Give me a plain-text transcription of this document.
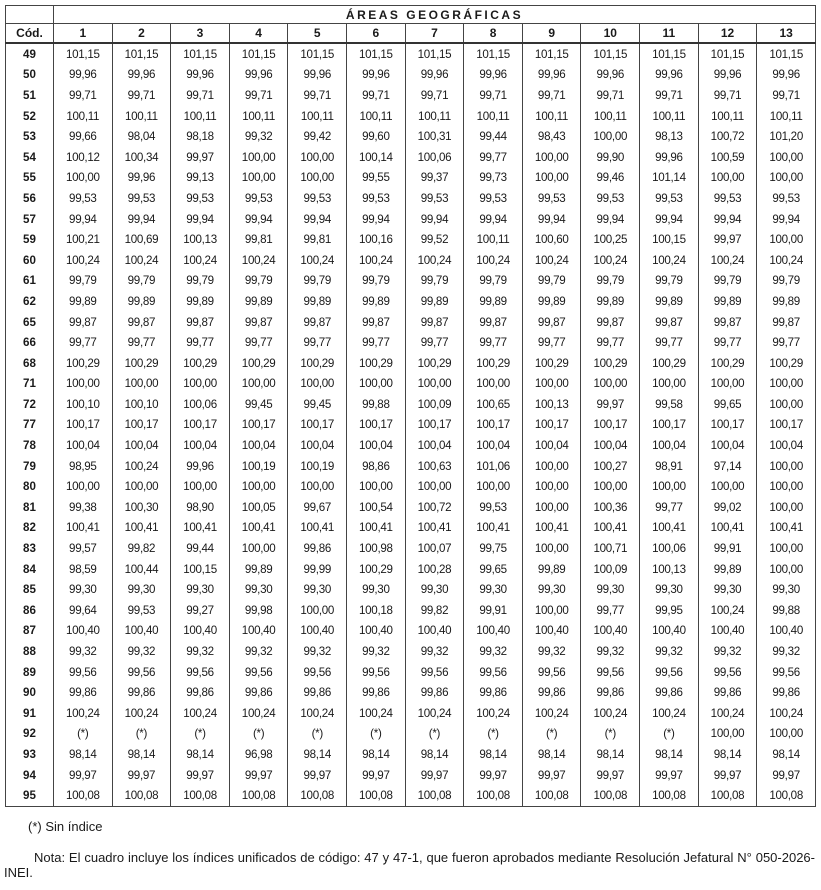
	ÁREAS GEOGRÁFICAS												
Cód.	1	2	3	4	5	6	7	8	9	10	11	12	13
49	101,15	101,15	101,15	101,15	101,15	101,15	101,15	101,15	101,15	101,15	101,15	101,15	101,15
50	99,96	99,96	99,96	99,96	99,96	99,96	99,96	99,96	99,96	99,96	99,96	99,96	99,96
51	99,71	99,71	99,71	99,71	99,71	99,71	99,71	99,71	99,71	99,71	99,71	99,71	99,71
52	100,11	100,11	100,11	100,11	100,11	100,11	100,11	100,11	100,11	100,11	100,11	100,11	100,11
53	99,66	98,04	98,18	99,32	99,42	99,60	100,31	99,44	98,43	100,00	98,13	100,72	101,20
54	100,12	100,34	99,97	100,00	100,00	100,14	100,06	99,77	100,00	99,90	99,96	100,59	100,00
55	100,00	99,96	99,13	100,00	100,00	99,55	99,37	99,73	100,00	99,46	101,14	100,00	100,00
56	99,53	99,53	99,53	99,53	99,53	99,53	99,53	99,53	99,53	99,53	99,53	99,53	99,53
57	99,94	99,94	99,94	99,94	99,94	99,94	99,94	99,94	99,94	99,94	99,94	99,94	99,94
59	100,21	100,69	100,13	99,81	99,81	100,16	99,52	100,11	100,60	100,25	100,15	99,97	100,00
60	100,24	100,24	100,24	100,24	100,24	100,24	100,24	100,24	100,24	100,24	100,24	100,24	100,24
61	99,79	99,79	99,79	99,79	99,79	99,79	99,79	99,79	99,79	99,79	99,79	99,79	99,79
62	99,89	99,89	99,89	99,89	99,89	99,89	99,89	99,89	99,89	99,89	99,89	99,89	99,89
65	99,87	99,87	99,87	99,87	99,87	99,87	99,87	99,87	99,87	99,87	99,87	99,87	99,87
66	99,77	99,77	99,77	99,77	99,77	99,77	99,77	99,77	99,77	99,77	99,77	99,77	99,77
68	100,29	100,29	100,29	100,29	100,29	100,29	100,29	100,29	100,29	100,29	100,29	100,29	100,29
71	100,00	100,00	100,00	100,00	100,00	100,00	100,00	100,00	100,00	100,00	100,00	100,00	100,00
72	100,10	100,10	100,06	99,45	99,45	99,88	100,09	100,65	100,13	99,97	99,58	99,65	100,00
77	100,17	100,17	100,17	100,17	100,17	100,17	100,17	100,17	100,17	100,17	100,17	100,17	100,17
78	100,04	100,04	100,04	100,04	100,04	100,04	100,04	100,04	100,04	100,04	100,04	100,04	100,04
79	98,95	100,24	99,96	100,19	100,19	98,86	100,63	101,06	100,00	100,27	98,91	97,14	100,00
80	100,00	100,00	100,00	100,00	100,00	100,00	100,00	100,00	100,00	100,00	100,00	100,00	100,00
81	99,38	100,30	98,90	100,05	99,67	100,54	100,72	99,53	100,00	100,36	99,77	99,02	100,00
82	100,41	100,41	100,41	100,41	100,41	100,41	100,41	100,41	100,41	100,41	100,41	100,41	100,41
83	99,57	99,82	99,44	100,00	99,86	100,98	100,07	99,75	100,00	100,71	100,06	99,91	100,00
84	98,59	100,44	100,15	99,89	99,99	100,29	100,28	99,65	99,89	100,09	100,13	99,89	100,00
85	99,30	99,30	99,30	99,30	99,30	99,30	99,30	99,30	99,30	99,30	99,30	99,30	99,30
86	99,64	99,53	99,27	99,98	100,00	100,18	99,82	99,91	100,00	99,77	99,95	100,24	99,88
87	100,40	100,40	100,40	100,40	100,40	100,40	100,40	100,40	100,40	100,40	100,40	100,40	100,40
88	99,32	99,32	99,32	99,32	99,32	99,32	99,32	99,32	99,32	99,32	99,32	99,32	99,32
89	99,56	99,56	99,56	99,56	99,56	99,56	99,56	99,56	99,56	99,56	99,56	99,56	99,56
90	99,86	99,86	99,86	99,86	99,86	99,86	99,86	99,86	99,86	99,86	99,86	99,86	99,86
91	100,24	100,24	100,24	100,24	100,24	100,24	100,24	100,24	100,24	100,24	100,24	100,24	100,24
92	(*)	(*)	(*)	(*)	(*)	(*)	(*)	(*)	(*)	(*)	(*)	100,00	100,00
93	98,14	98,14	98,14	96,98	98,14	98,14	98,14	98,14	98,14	98,14	98,14	98,14	98,14
94	99,97	99,97	99,97	99,97	99,97	99,97	99,97	99,97	99,97	99,97	99,97	99,97	99,97
95	100,08	100,08	100,08	100,08	100,08	100,08	100,08	100,08	100,08	100,08	100,08	100,08	100,08
(*) Sin índice
Nota: El cuadro incluye los índices unificados de código: 47 y 47-1, que fueron aprobados mediante Resolución Jefatural N° 050-2026-INEI.
